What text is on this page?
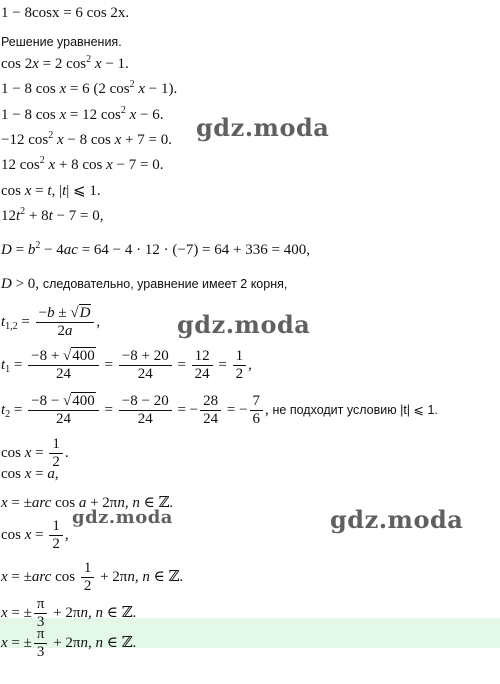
1 − 8cosx = 6 cos 2x.
Решение уравнения.
cos 2x = 2 $\cos^2 x - 1$.
1 − 8 cos x = 6 (2 $\cos^2 x - 1$).
1 − 8 cos x = 12 $\cos^2 x - 6$.
−12 $\cos^2 x - 8$ cos x + 7 = 0.
12 $\cos^2 x + 8$ cos x − 7 = 0.
cos x = t, |t| ⩽ 1.
$12t^2 + 8t - 7 = 0$,
$D = b^2 - 4ac = 64 - 4 \cdot 12 \cdot (-7) = 64 + 336 = 400$,
D > 0, следовательно, уравнение имеет 2 корня,
$t_{1,2} = \frac{-b \pm √D}{2a}$ ,
$t_1 = \frac{-8 + √400}{24} = \frac{-8 + 20}{24} = \frac{12}{24} = \frac{1}{2}$ ,
$t_2 = \frac{-8 - √400}{24} = \frac{-8 - 20}{24}$ = − $\frac{28}{24}$ = − $\frac{7}{6}$ , не подходит условию |t| ⩽ 1.
$\cos x = \frac{1}{2}$ .
cos x = a,
x = ±arc cos a + 2πn, n ∈ ℤ.
$\cos x = \frac{1}{2}$ ,
x = ±arc $\cos \frac{1}{2} + 2\pi n$, n ∈ ℤ.
x = ± $\frac{\pi}{3} + 2\pi n$, n ∈ ℤ.
x = ± $\frac{\pi}{3} + 2\pi n$, n ∈ ℤ.
gdz.moda
gdz.moda
gdz.moda	gdz.moda
